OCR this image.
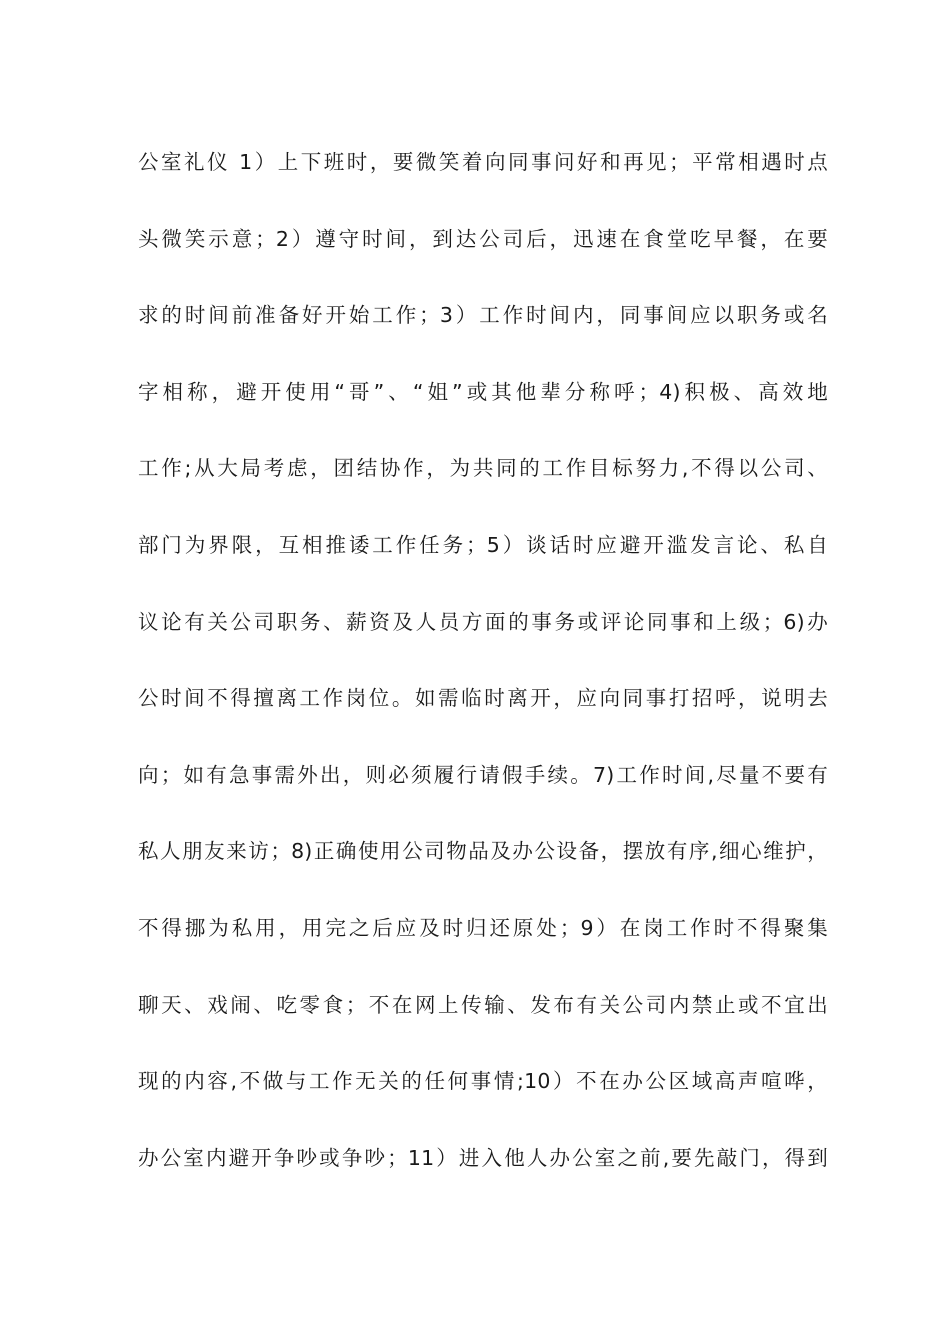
公室礼仪 1）上下班时，要微笑着向同事问好和再见；平常相遇时点
头微笑示意；2）遵守时间，到达公司后，迅速在食堂吃早餐，在要
求的时间前准备好开始工作；3）工作时间内，同事间应以职务或名
字相称，避开使用“哥”、“姐”或其他辈分称呼；4)积极、高效地
工作;从大局考虑，团结协作，为共同的工作目标努力,不得以公司、
部门为界限，互相推诿工作任务；5）谈话时应避开滥发言论、私自
议论有关公司职务、薪资及人员方面的事务或评论同事和上级；6)办
公时间不得擅离工作岗位。如需临时离开，应向同事打招呼，说明去
向；如有急事需外出，则必须履行请假手续。7)工作时间,尽量不要有
私人朋友来访；8)正确使用公司物品及办公设备，摆放有序,细心维护，
不得挪为私用，用完之后应及时归还原处；9）在岗工作时不得聚集
聊天、戏闹、吃零食；不在网上传输、发布有关公司内禁止或不宜出
现的内容,不做与工作无关的任何事情;10）不在办公区域高声喧哗，
办公室内避开争吵或争吵；11）进入他人办公室之前,要先敲门，得到
